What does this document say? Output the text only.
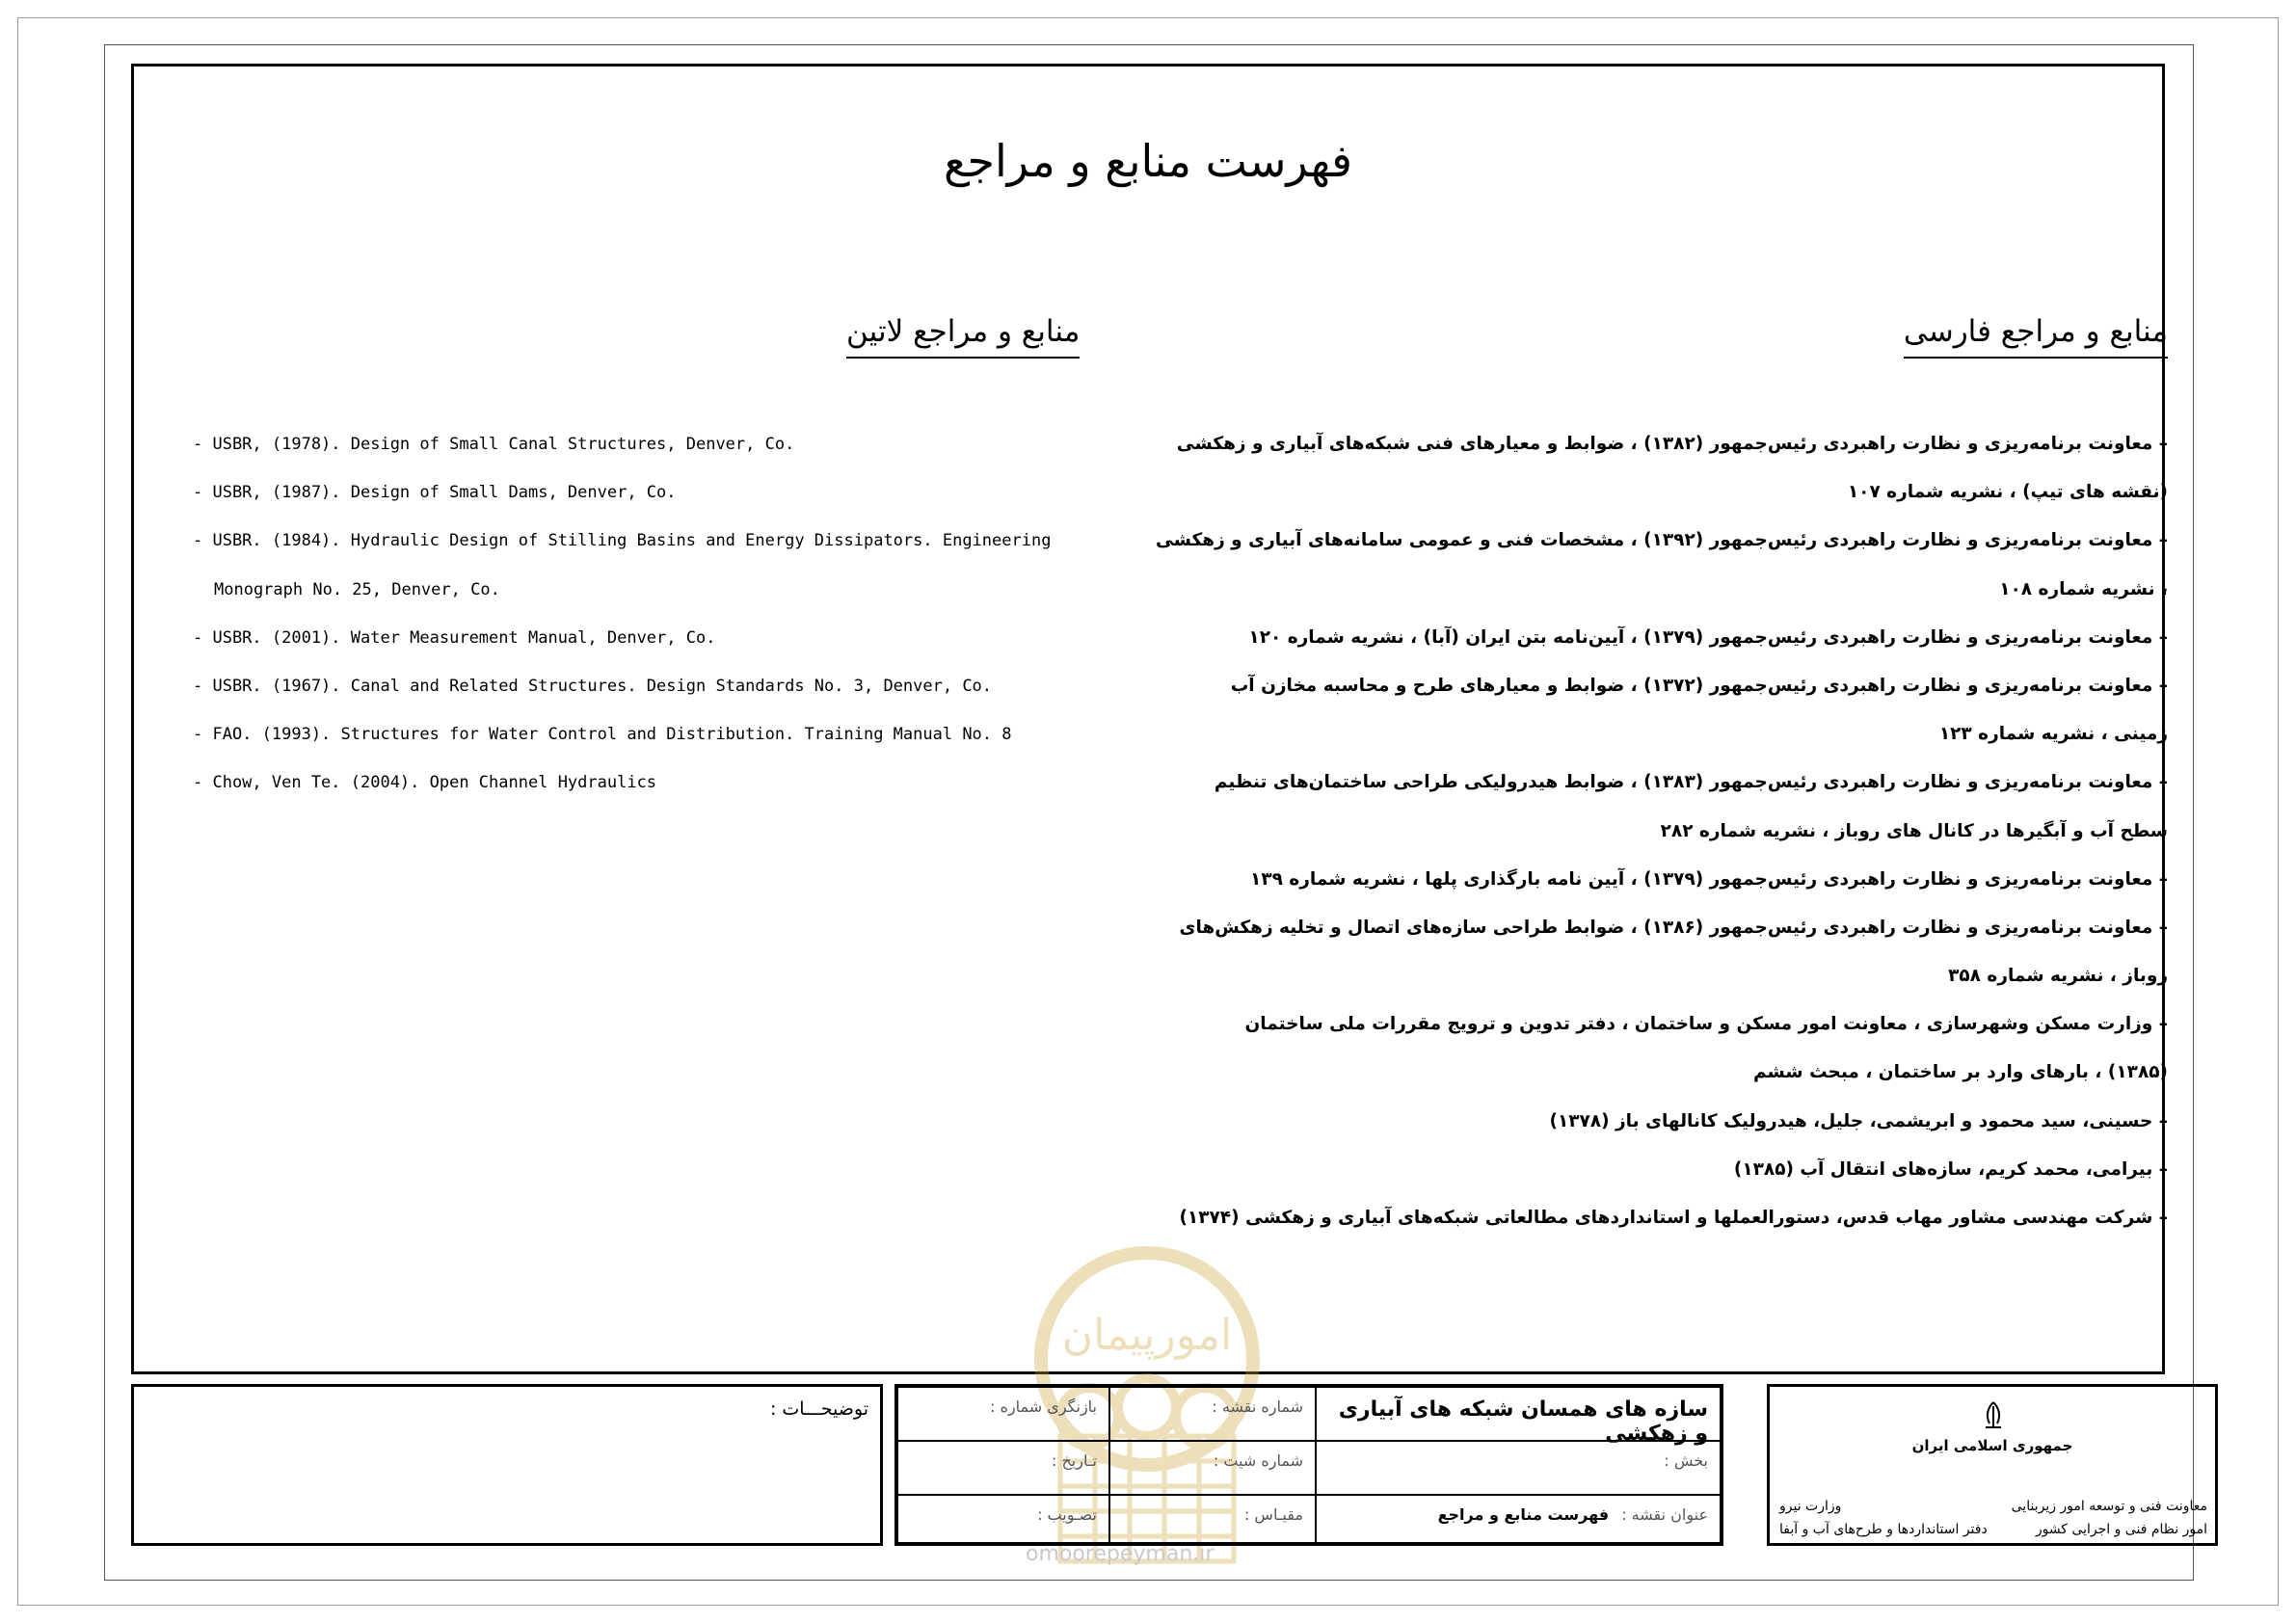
فهرست منابع و مراجع
منابع و مراجع فارسی
منابع و مراجع لاتین
– معاونت برنامه‌ریزی و نظارت راهبردی رئیس‌جمهور (۱۳۸۲) ، ضوابط و معیارهای فنی شبکه‌های آبیاری و زهکشی
(نقشه های تیپ) ، نشریه شماره ۱۰۷
– معاونت برنامه‌ریزی و نظارت راهبردی رئیس‌جمهور (۱۳۹۲) ، مشخصات فنی و عمومی سامانه‌های آبیاری و زهکشی
، نشریه شماره ۱۰۸
– معاونت برنامه‌ریزی و نظارت راهبردی رئیس‌جمهور (۱۳۷۹) ، آیین‌نامه بتن ایران (آبا) ، نشریه شماره ۱۲۰
– معاونت برنامه‌ریزی و نظارت راهبردی رئیس‌جمهور (۱۳۷۲) ، ضوابط و معیارهای طرح و محاسبه مخازن آب
زمینی ، نشریه شماره ۱۲۳
– معاونت برنامه‌ریزی و نظارت راهبردی رئیس‌جمهور (۱۳۸۳) ، ضوابط هیدرولیکی طراحی ساختمان‌های تنظیم
سطح آب و آبگیرها در کانال های روباز ، نشریه شماره ۲۸۲
– معاونت برنامه‌ریزی و نظارت راهبردی رئیس‌جمهور (۱۳۷۹) ، آیین نامه بارگذاری پلها ، نشریه شماره ۱۳۹
– معاونت برنامه‌ریزی و نظارت راهبردی رئیس‌جمهور (۱۳۸۶) ، ضوابط طراحی سازه‌های اتصال و تخلیه زهکش‌های
روباز ، نشریه شماره ۳۵۸
– وزارت مسکن وشهرسازی ، معاونت امور مسکن و ساختمان ، دفتر تدوین و ترویج مقررات ملی ساختمان
(۱۳۸۵) ، بارهای وارد بر ساختمان ، مبحث ششم
– حسینی، سید محمود و ابریشمی، جلیل، هیدرولیک کانالهای باز (۱۳۷۸)
– بیرامی، محمد کریم، سازه‌های انتقال آب (۱۳۸۵)
– شرکت مهندسی مشاور مهاب قدس، دستورالعملها و استانداردهای مطالعاتی شبکه‌های آبیاری و زهکشی (۱۳۷۴)
- USBR, (1978). Design of Small Canal Structures, Denver, Co.
- USBR, (1987). Design of Small Dams, Denver, Co.
- USBR. (1984). Hydraulic Design of Stilling Basins and Energy Dissipators. Engineering
Monograph No. 25, Denver, Co.
- USBR. (2001). Water Measurement Manual, Denver, Co.
- USBR. (1967). Canal and Related Structures. Design Standards No. 3, Denver, Co.
- FAO. (1993). Structures for Water Control and Distribution. Training Manual No. 8
- Chow, Ven Te. (2004). Open Channel Hydraulics
امورپیمان
omoorepeyman.ir
توضیحـــات :	سازه های همسان شبکه های آبیاری و زهکشی
شماره نقشه :
بازنگری شماره :
بخش :
شماره شیت :
تـاریخ :
عنوان نقشه : فهرست منابع و مراجع
مقیـاس :
تصـویب :
جمهوری اسلامی ایران
معاونت فنی و توسعه امور زیربنایی
امور نظام فنی و اجرایی کشور
وزارت نیرو
دفتر استانداردها و طرح‌های آب و آبفا
